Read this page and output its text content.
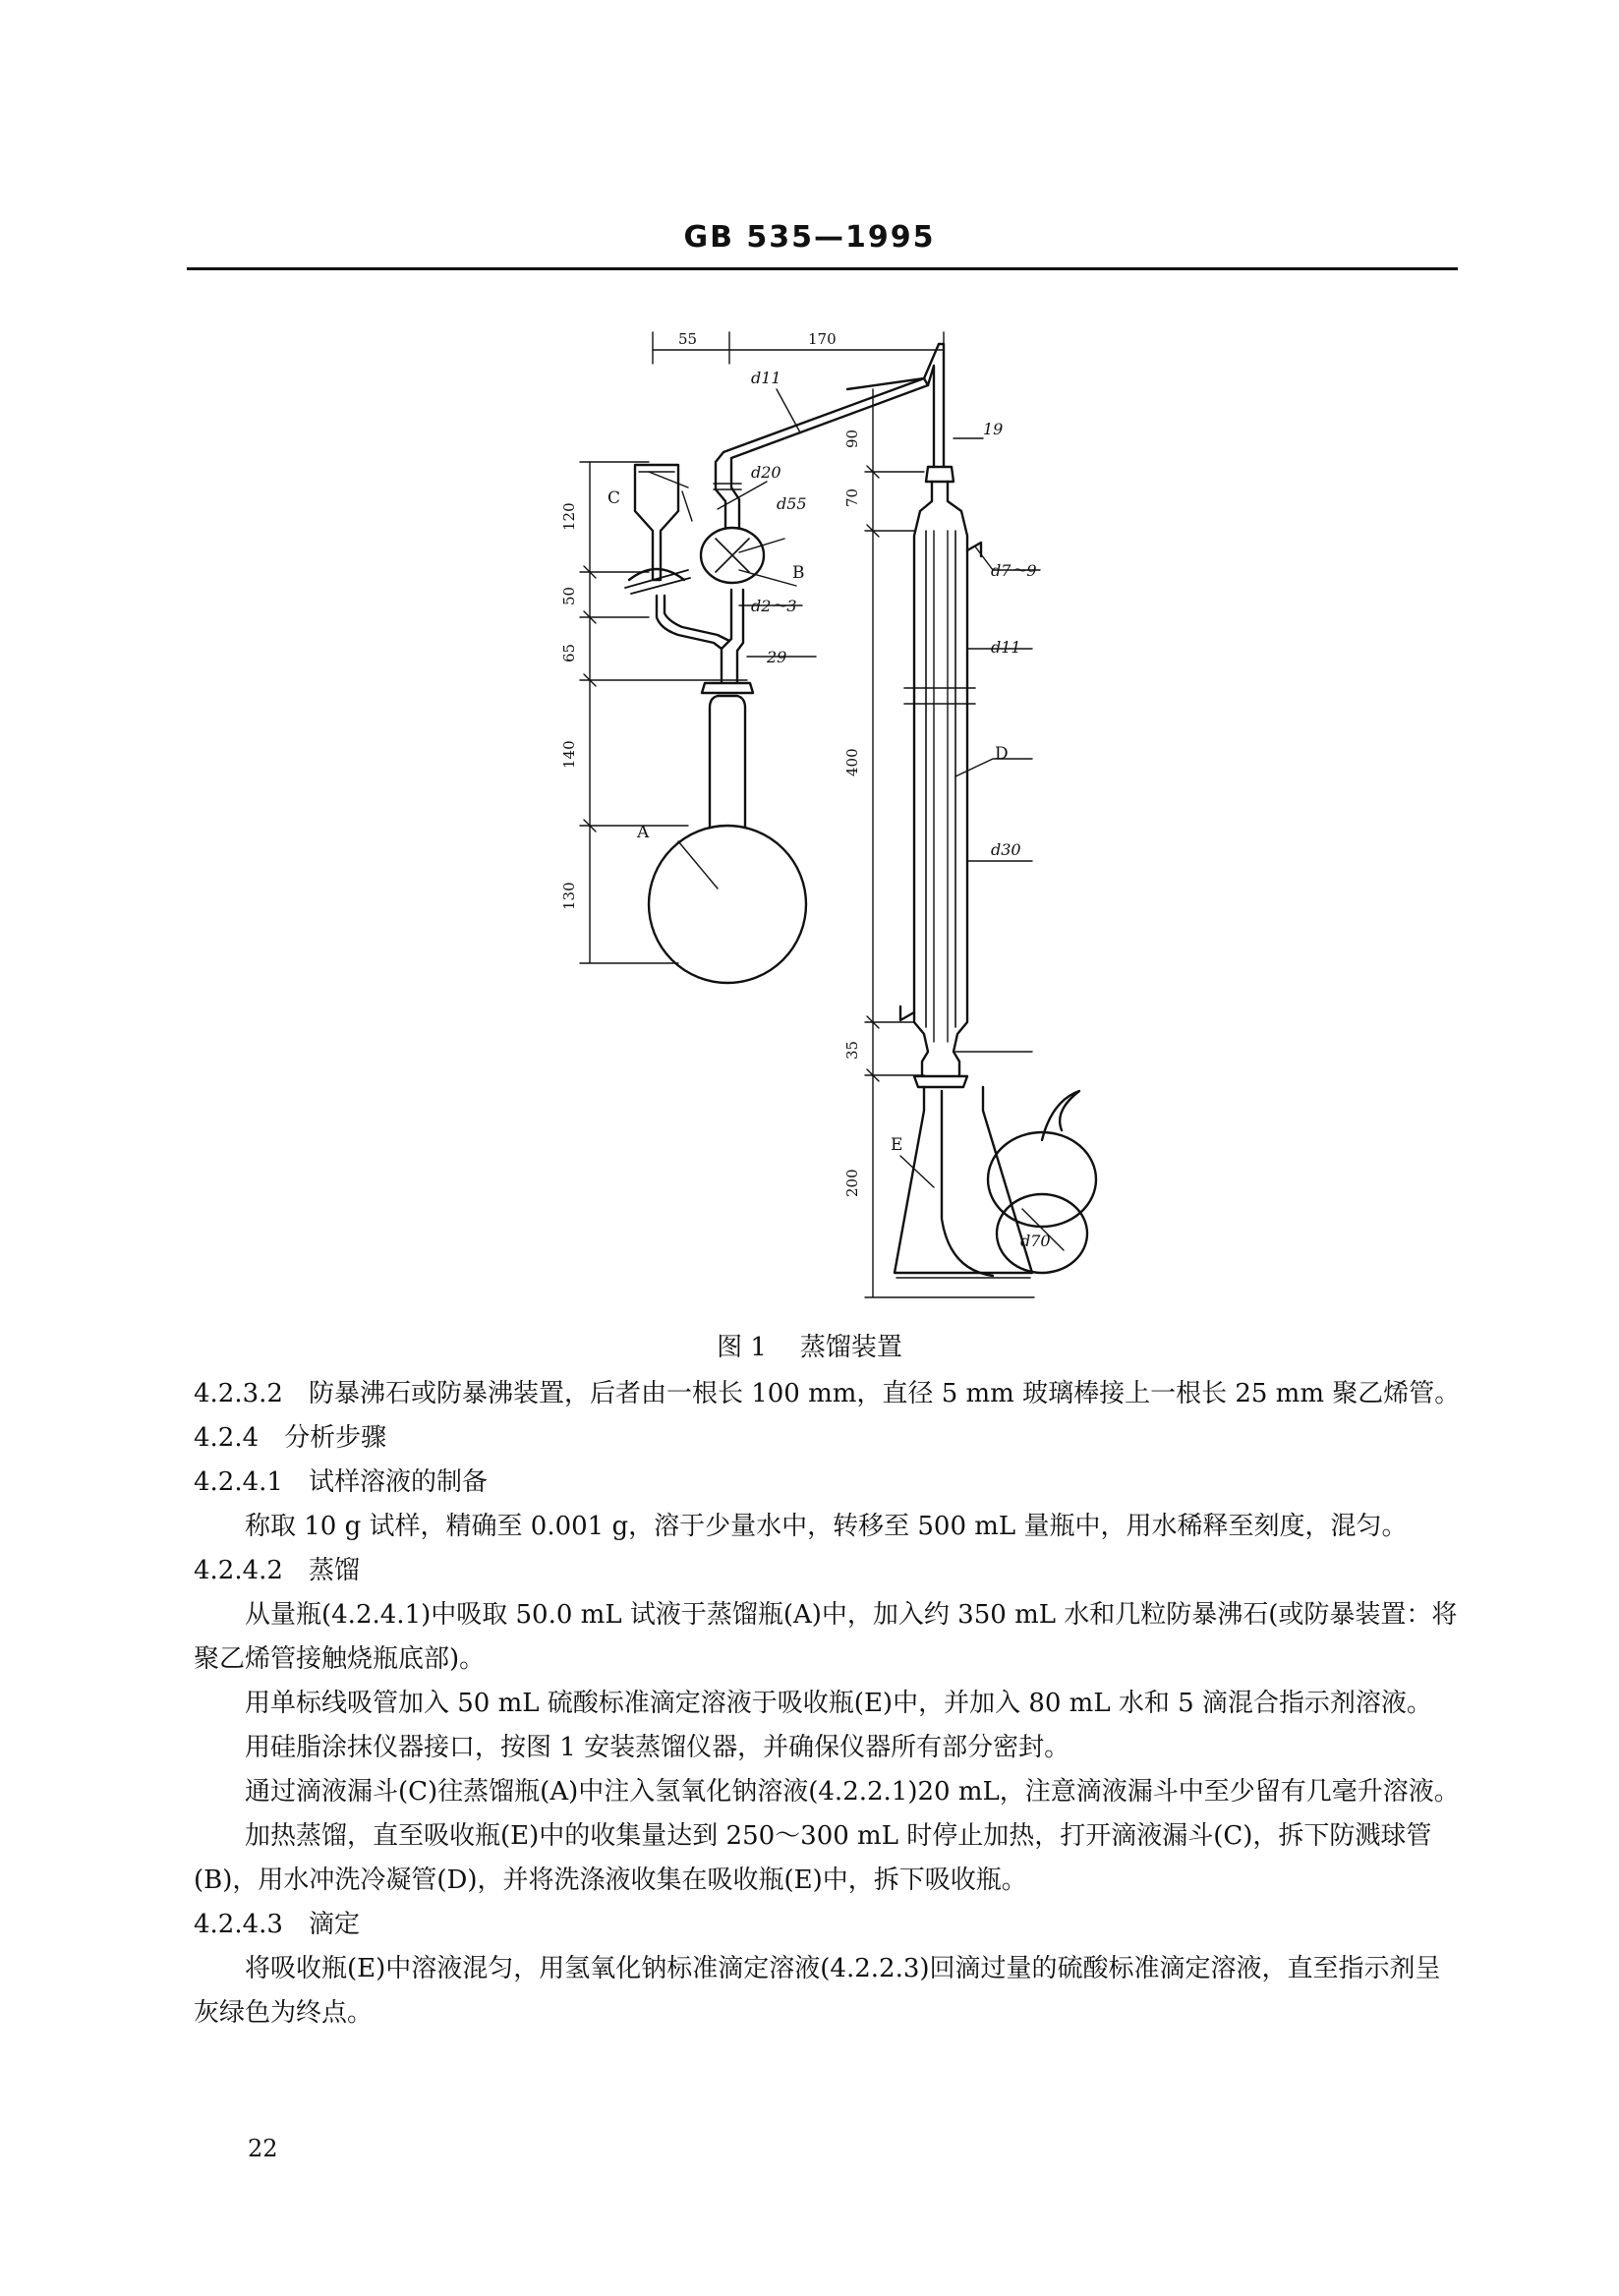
GB 535—1995
55	170
120
50
65
140
130
90
70
400
35
200
d11
d20
d55
d2～3
29
19
d7～9
d11
d30
d70
A
B
C
D
E
图 1 蒸馏装置

4.2.3.2　防暴沸石或防暴沸装置，后者由一根长 100 mm，直径 5 mm 玻璃棒接上一根长 25 mm 聚乙烯管。

4.2.4　分析步骤

4.2.4.1　试样溶液的制备

称取 10 g 试样，精确至 0.001 g，溶于少量水中，转移至 500 mL 量瓶中，用水稀释至刻度，混匀。

4.2.4.2　蒸馏

从量瓶(4.2.4.1)中吸取 50.0 mL 试液于蒸馏瓶(A)中，加入约 350 mL 水和几粒防暴沸石(或防暴装置：将聚乙烯管接触烧瓶底部)。

用单标线吸管加入 50 mL 硫酸标准滴定溶液于吸收瓶(E)中，并加入 80 mL 水和 5 滴混合指示剂溶液。

用硅脂涂抹仪器接口，按图 1 安装蒸馏仪器，并确保仪器所有部分密封。

通过滴液漏斗(C)往蒸馏瓶(A)中注入氢氧化钠溶液(4.2.2.1)20 mL，注意滴液漏斗中至少留有几毫升溶液。

加热蒸馏，直至吸收瓶(E)中的收集量达到 250～300 mL 时停止加热，打开滴液漏斗(C)，拆下防溅球管(B)，用水冲洗冷凝管(D)，并将洗涤液收集在吸收瓶(E)中，拆下吸收瓶。

4.2.4.3　滴定

将吸收瓶(E)中溶液混匀，用氢氧化钠标准滴定溶液(4.2.2.3)回滴过量的硫酸标准滴定溶液，直至指示剂呈灰绿色为终点。

22
